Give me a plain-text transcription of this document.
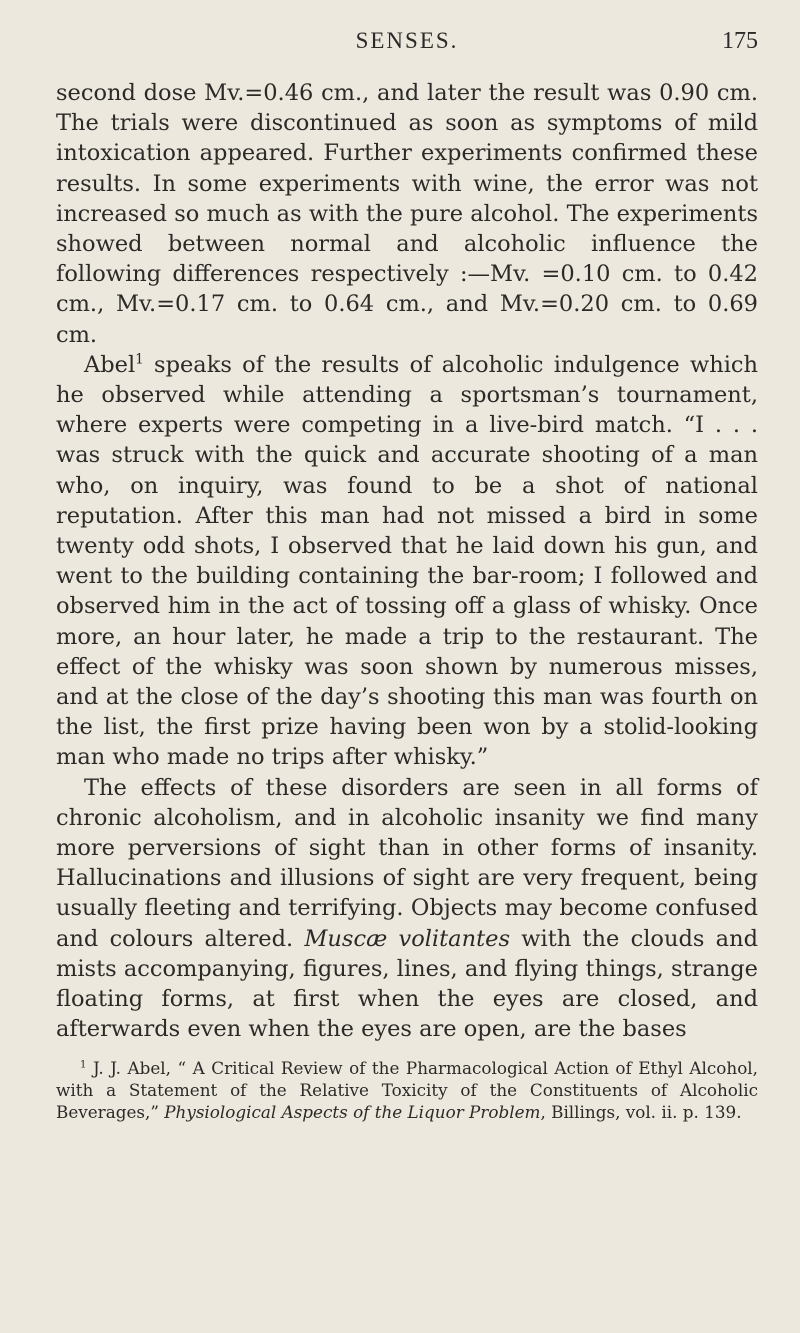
SENSES.	175

second dose Mv.=0.46 cm., and later the result was 0.90 cm. The trials were discontinued as soon as symptoms of mild intoxication appeared. Further experiments confirmed these results. In some experiments with wine, the error was not increased so much as with the pure alcohol. The experiments showed between normal and alcoholic influence the following differences respectively :—Mv. =0.10 cm. to 0.42 cm., Mv.=0.17 cm. to 0.64 cm., and Mv.=0.20 cm. to 0.69 cm.

Abel$^1$ speaks of the results of alcoholic indulgence which he observed while attending a sportsman’s tournament, where experts were competing in a live-bird match. “I . . . was struck with the quick and accurate shooting of a man who, on inquiry, was found to be a shot of national reputation. After this man had not missed a bird in some twenty odd shots, I observed that he laid down his gun, and went to the building containing the bar-room; I followed and observed him in the act of tossing off a glass of whisky. Once more, an hour later, he made a trip to the restaurant. The effect of the whisky was soon shown by numerous misses, and at the close of the day’s shooting this man was fourth on the list, the first prize having been won by a stolid-looking man who made no trips after whisky.”

The effects of these disorders are seen in all forms of chronic alcoholism, and in alcoholic insanity we find many more perversions of sight than in other forms of insanity. Hallucinations and illusions of sight are very frequent, being usually fleeting and terrifying. Objects may become confused and colours altered. Muscæ volitantes with the clouds and mists accompanying, figures, lines, and flying things, strange floating forms, at first when the eyes are closed, and afterwards even when the eyes are open, are the bases

$^1$ J. J. Abel, “ A Critical Review of the Pharmacological Action of Ethyl Alcohol, with a Statement of the Relative Toxicity of the Constituents of Alcoholic Beverages,” Physiological Aspects of the Liquor Problem, Billings, vol. ii. p. 139.
